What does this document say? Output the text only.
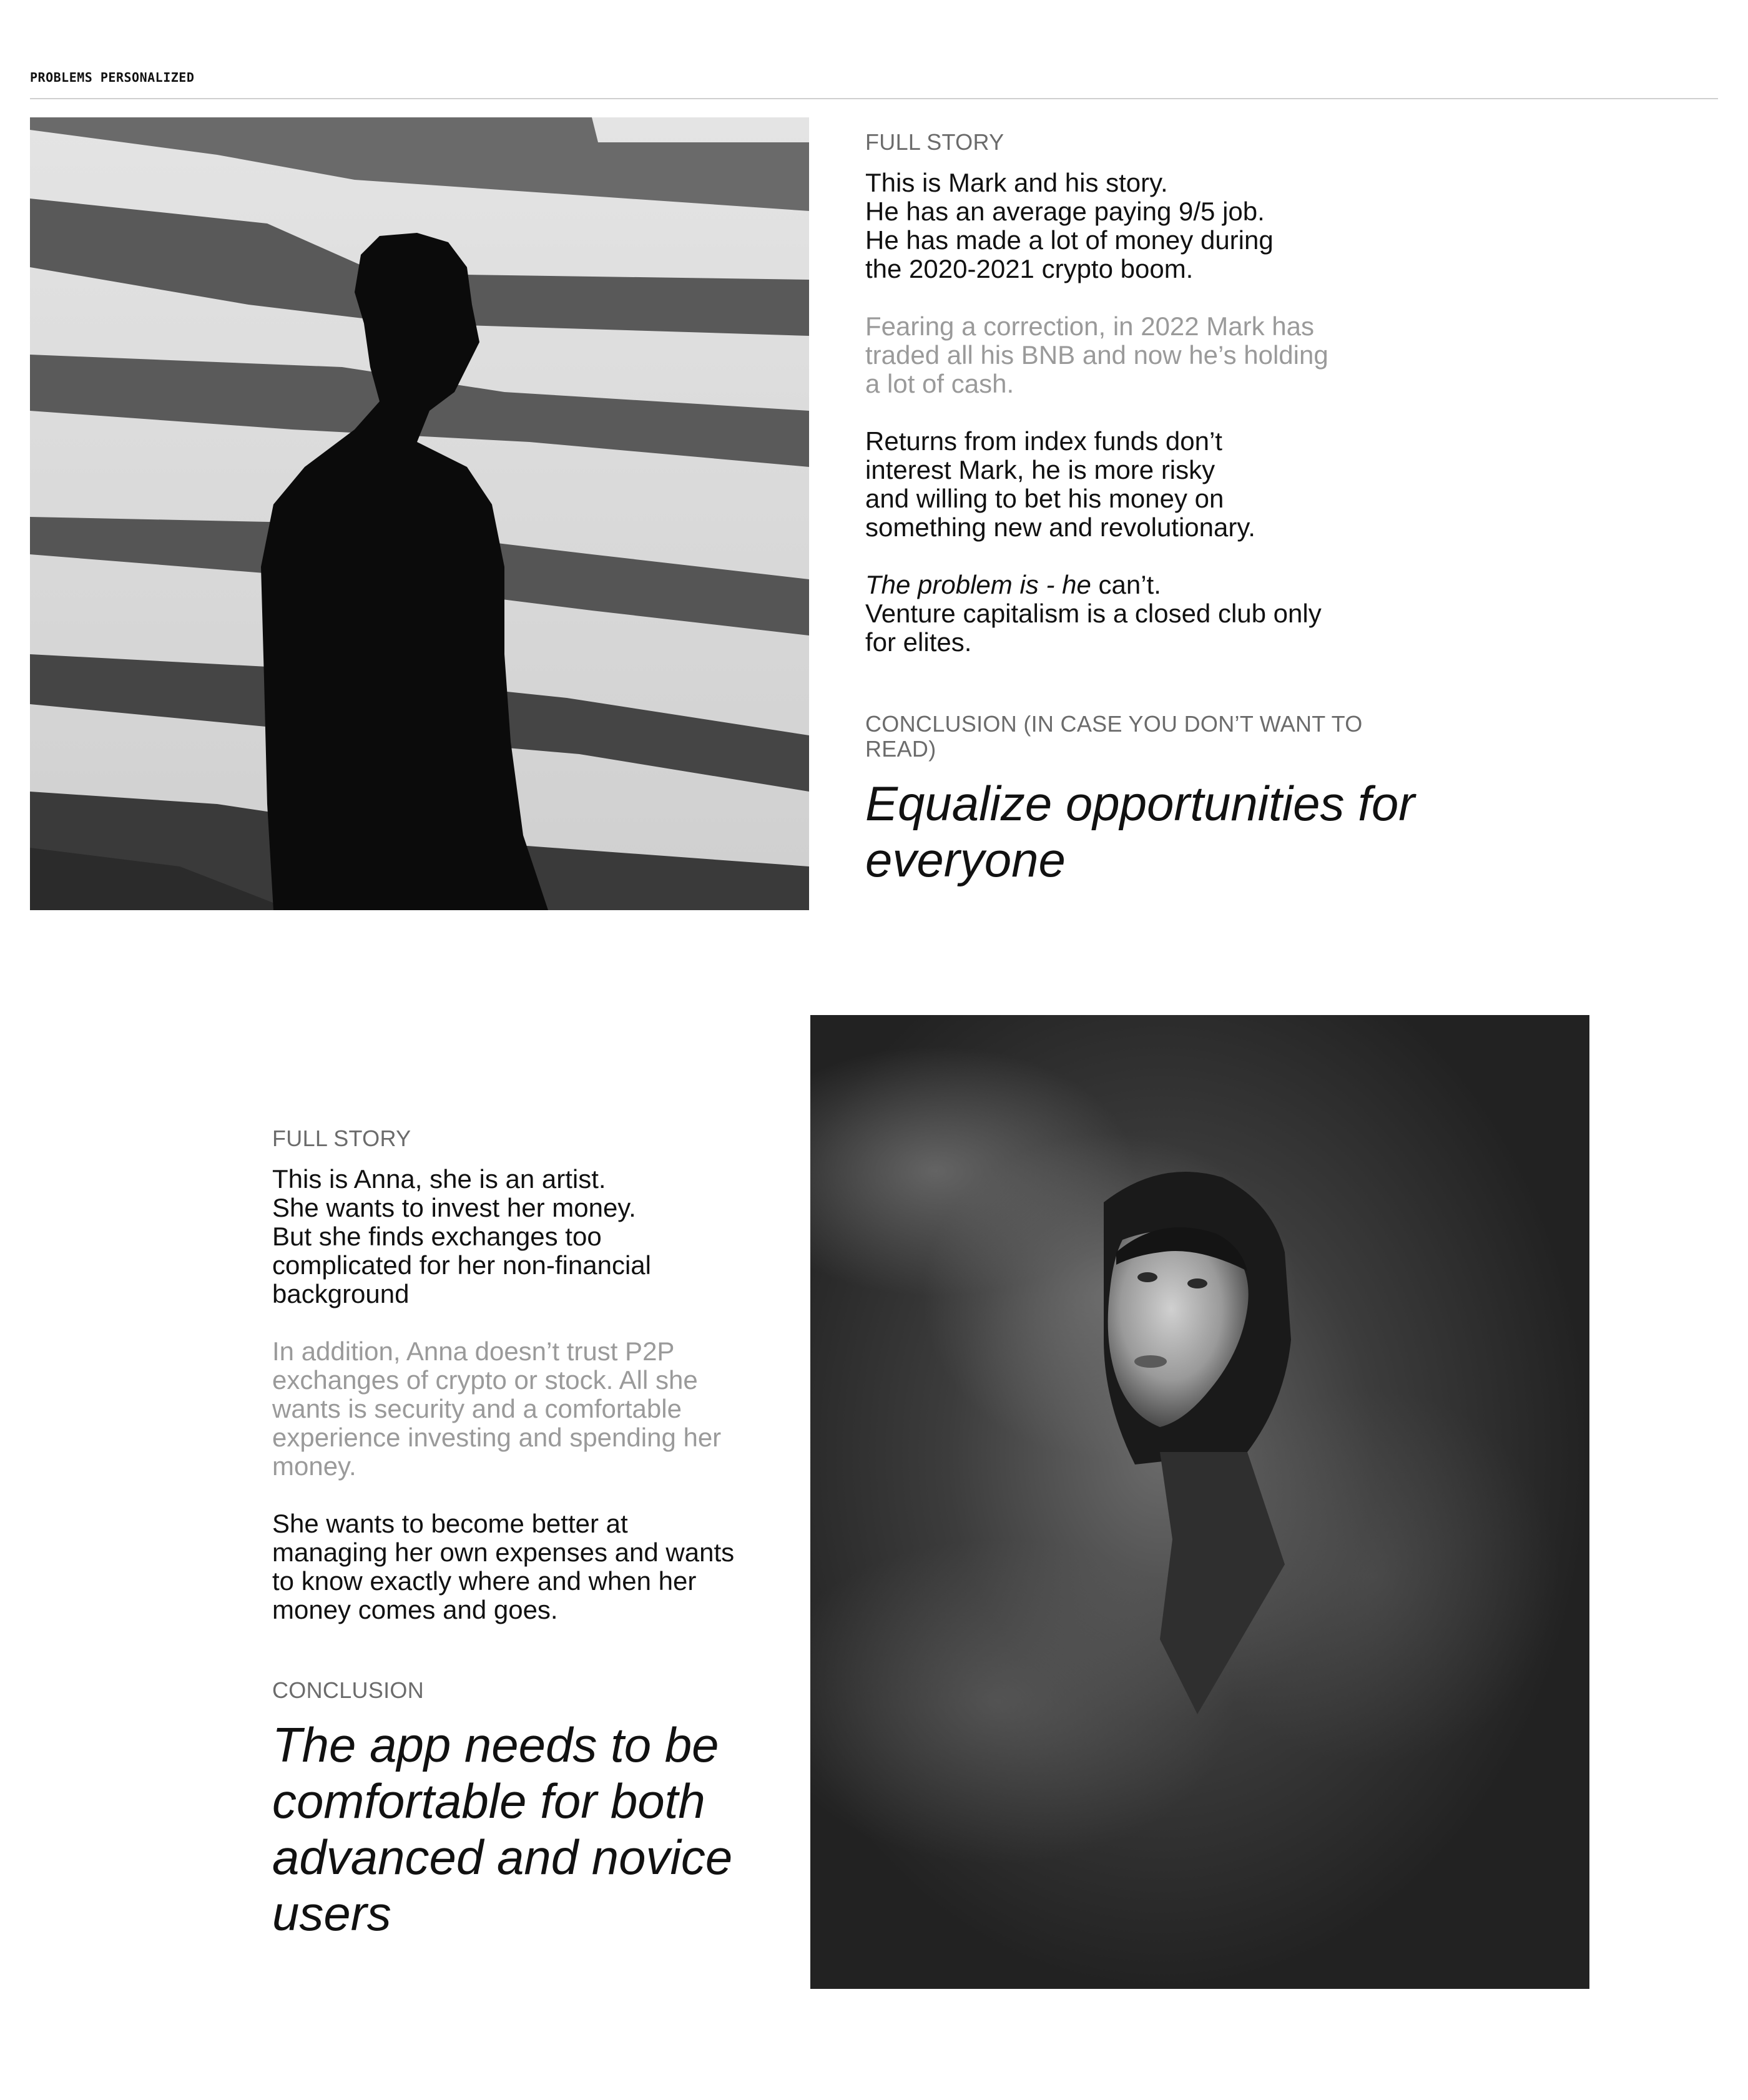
PROBLEMS PERSONALIZED
FULL STORY
This is Mark and his story.
He has an average paying 9/5 job.
He has made a lot of money during
the 2020-2021 crypto boom.
Fearing a correction, in 2022 Mark has
traded all his BNB and now he’s holding
a lot of cash.
Returns from index funds don’t
interest Mark, he is more risky
and willing to bet his money on
something new and revolutionary.
The problem is - he can’t.
Venture capitalism is a closed club only
for elites.
CONCLUSION (IN CASE YOU DON’T WANT TO READ)
Equalize opportunities for everyone
FULL STORY
This is Anna, she is an artist.
She wants to invest her money.
But she finds exchanges too
complicated for her non-financial
background
In addition, Anna doesn’t trust P2P
exchanges of crypto or stock. All she
wants is security and a comfortable
experience investing and spending her
money.
She wants to become better at
managing her own expenses and wants
to know exactly where and when her
money comes and goes.
CONCLUSION
The app needs to be comfortable for both advanced and novice users
